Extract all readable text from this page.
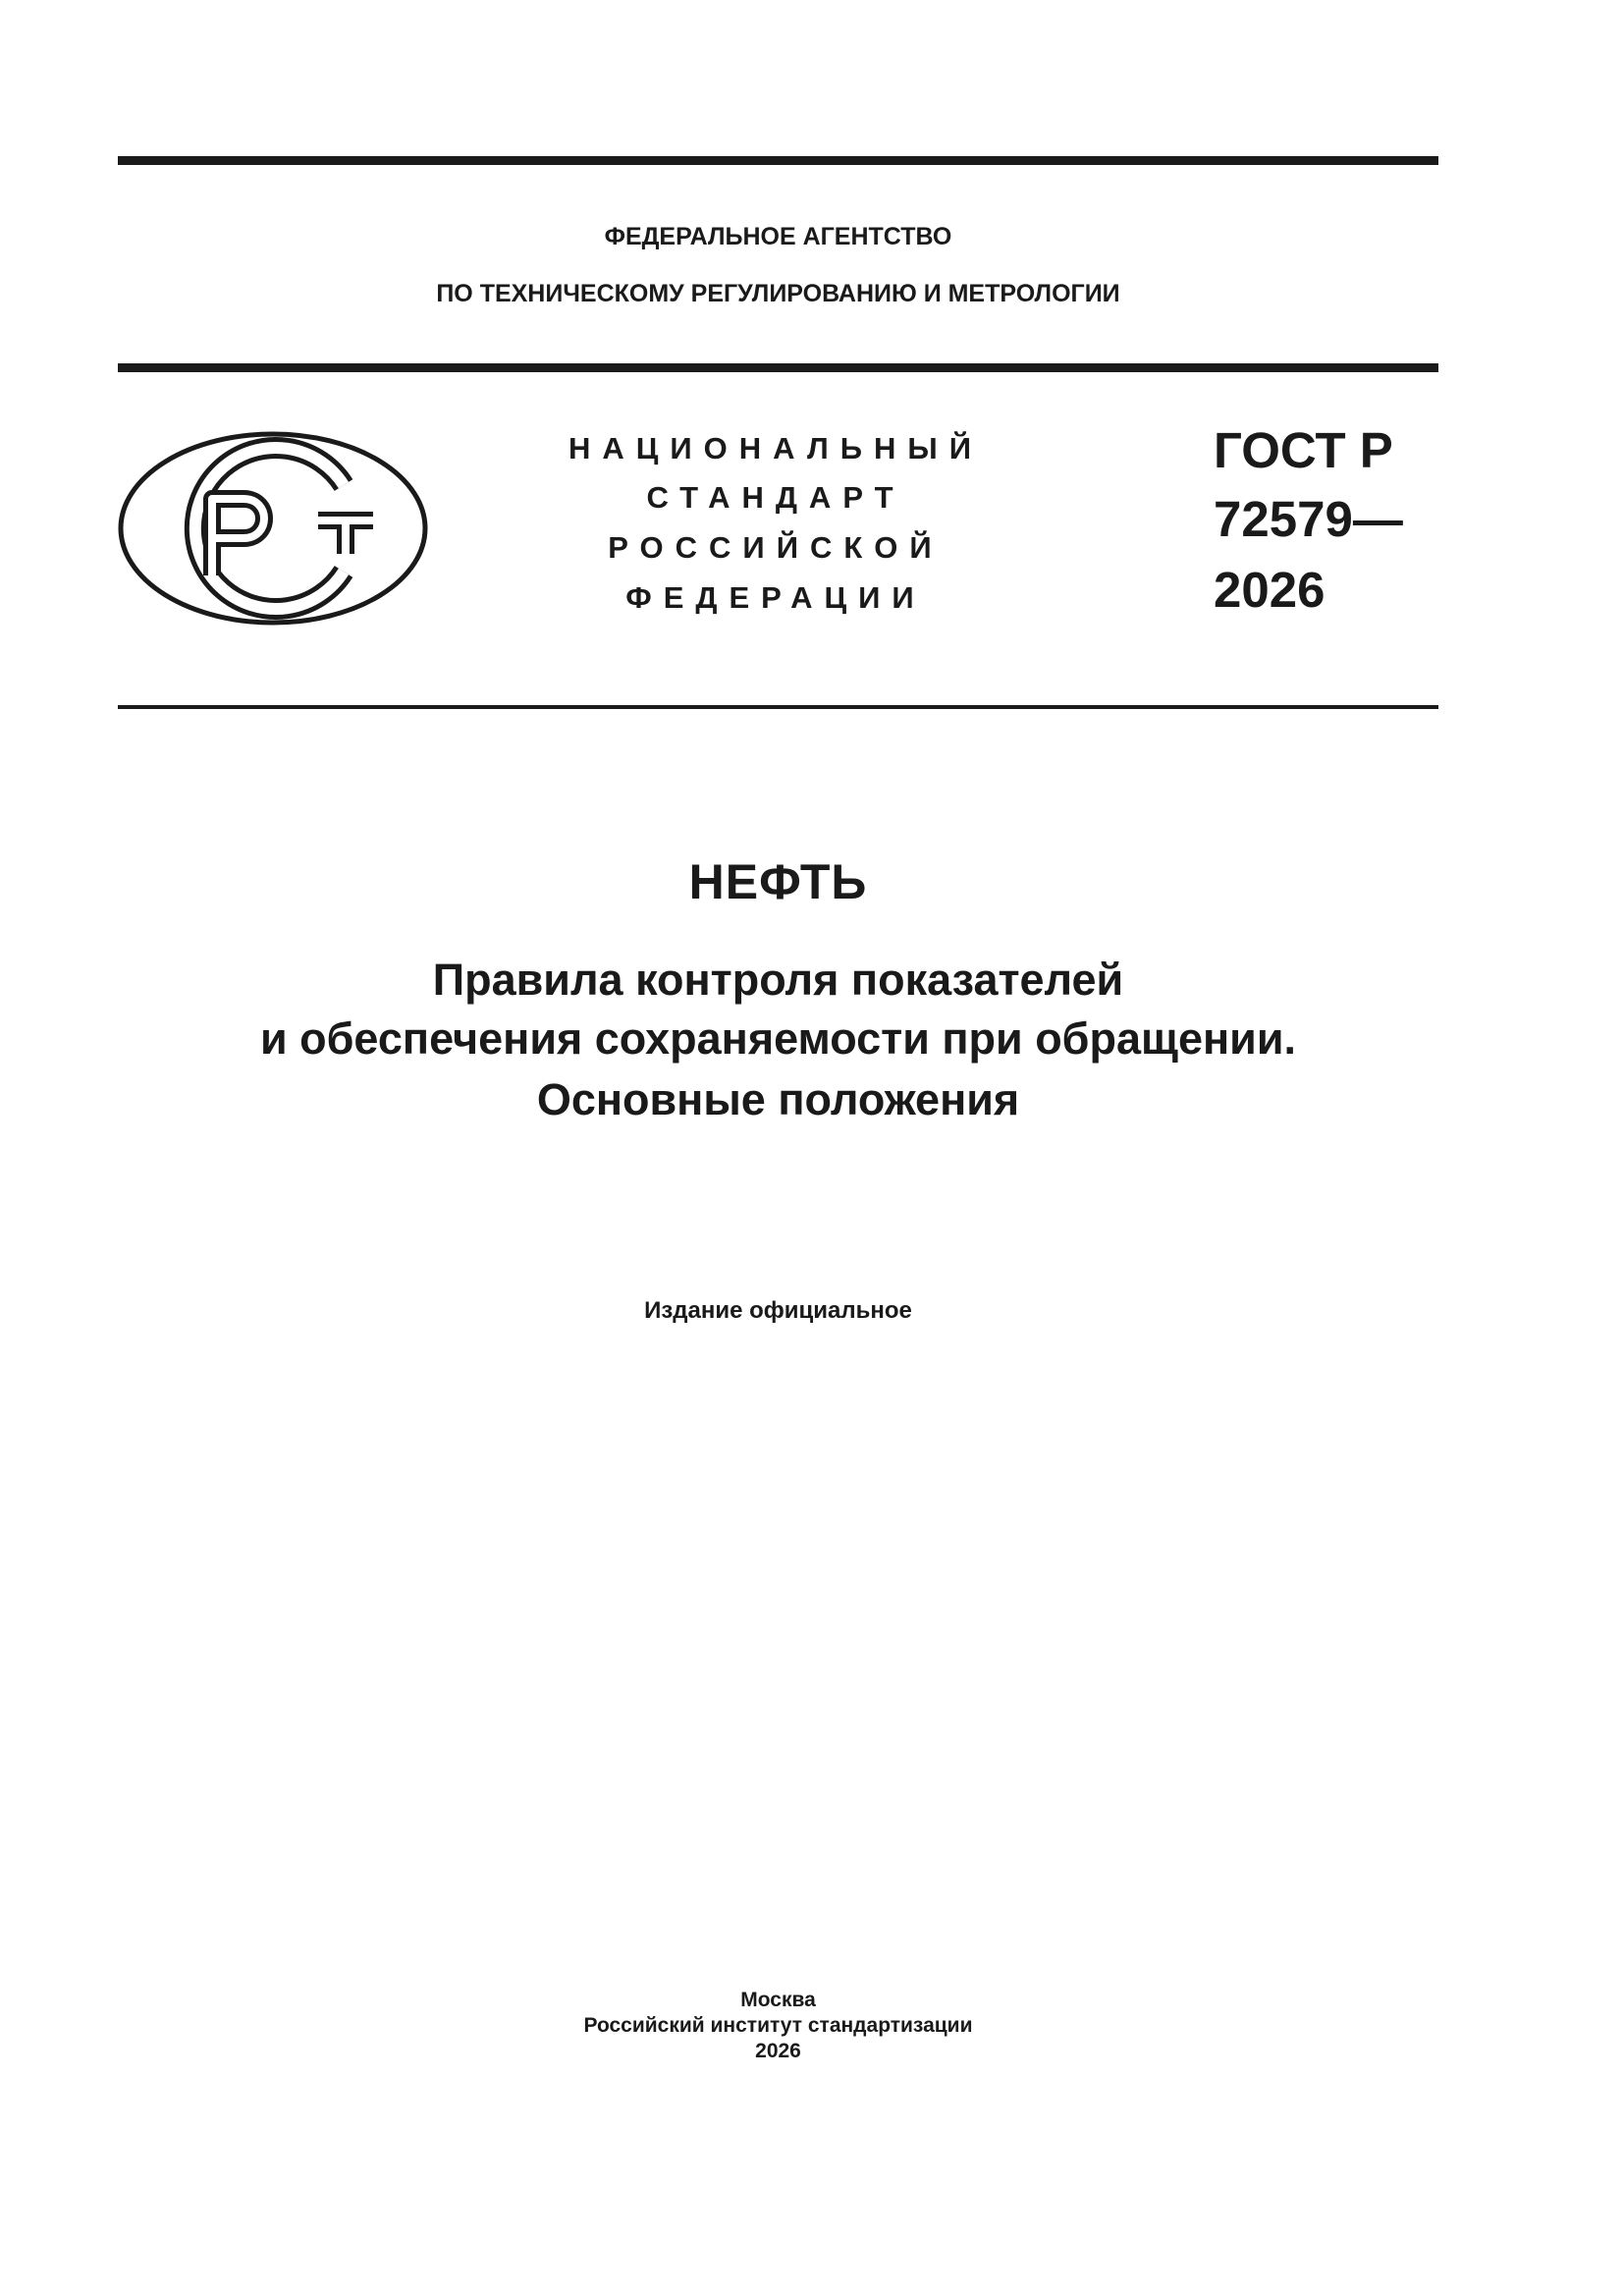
ФЕДЕРАЛЬНОЕ АГЕНТСТВО
ПО ТЕХНИЧЕСКОМУ РЕГУЛИРОВАНИЮ И МЕТРОЛОГИИ
НАЦИОНАЛЬНЫЙ
СТАНДАРТ
РОССИЙСКОЙ
ФЕДЕРАЦИИ
ГОСТ Р
72579—
2026
НЕФТЬ
Правила контроля показателей
и обеспечения сохраняемости при обращении.
Основные положения
Издание официальное
Москва
Российский институт стандартизации
2026
